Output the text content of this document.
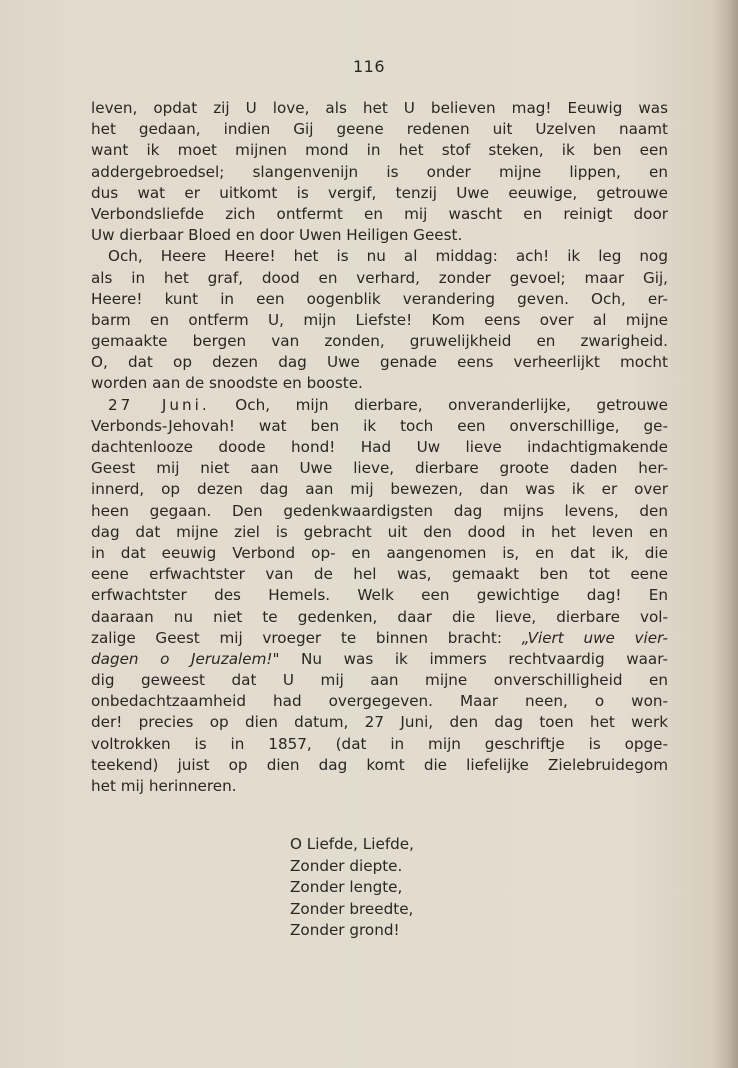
116
leven, opdat zij U love, als het U believen mag! Eeuwig was
het gedaan, indien Gij geene redenen uit Uzelven naamt
want ik moet mijnen mond in het stof steken, ik ben een
addergebroedsel; slangenvenijn is onder mijne lippen, en
dus wat er uitkomt is vergif, tenzij Uwe eeuwige, getrouwe
Verbondsliefde zich ontfermt en mij wascht en reinigt door
Uw dierbaar Bloed en door Uwen Heiligen Geest.
Och, Heere Heere! het is nu al middag: ach! ik leg nog
als in het graf, dood en verhard, zonder gevoel; maar Gij,
Heere! kunt in een oogenblik verandering geven. Och, er-
barm en ontferm U, mijn Liefste! Kom eens over al mijne
gemaakte bergen van zonden, gruwelijkheid en zwarigheid.
O, dat op dezen dag Uwe genade eens verheerlijkt mocht
worden aan de snoodste en booste.
27 Juni. Och, mijn dierbare, onveranderlijke, getrouwe
Verbonds-Jehovah! wat ben ik toch een onverschillige, ge-
dachtenlooze doode hond! Had Uw lieve indachtigmakende
Geest mij niet aan Uwe lieve, dierbare groote daden her-
innerd, op dezen dag aan mij bewezen, dan was ik er over
heen gegaan. Den gedenkwaardigsten dag mijns levens, den
dag dat mijne ziel is gebracht uit den dood in het leven en
in dat eeuwig Verbond op- en aangenomen is, en dat ik, die
eene erfwachtster van de hel was, gemaakt ben tot eene
erfwachtster des Hemels. Welk een gewichtige dag! En
daaraan nu niet te gedenken, daar die lieve, dierbare vol-
zalige Geest mij vroeger te binnen bracht: „Viert uwe vier-
dagen o Jeruzalem!" Nu was ik immers rechtvaardig waar-
dig geweest dat U mij aan mijne onverschilligheid en
onbedachtzaamheid had overgegeven. Maar neen, o won-
der! precies op dien datum, 27 Juni, den dag toen het werk
voltrokken is in 1857, (dat in mijn geschriftje is opge-
teekend) juist op dien dag komt die liefelijke Zielebruidegom
het mij herinneren.
O Liefde, Liefde,
Zonder diepte.
Zonder lengte,
Zonder breedte,
Zonder grond!
